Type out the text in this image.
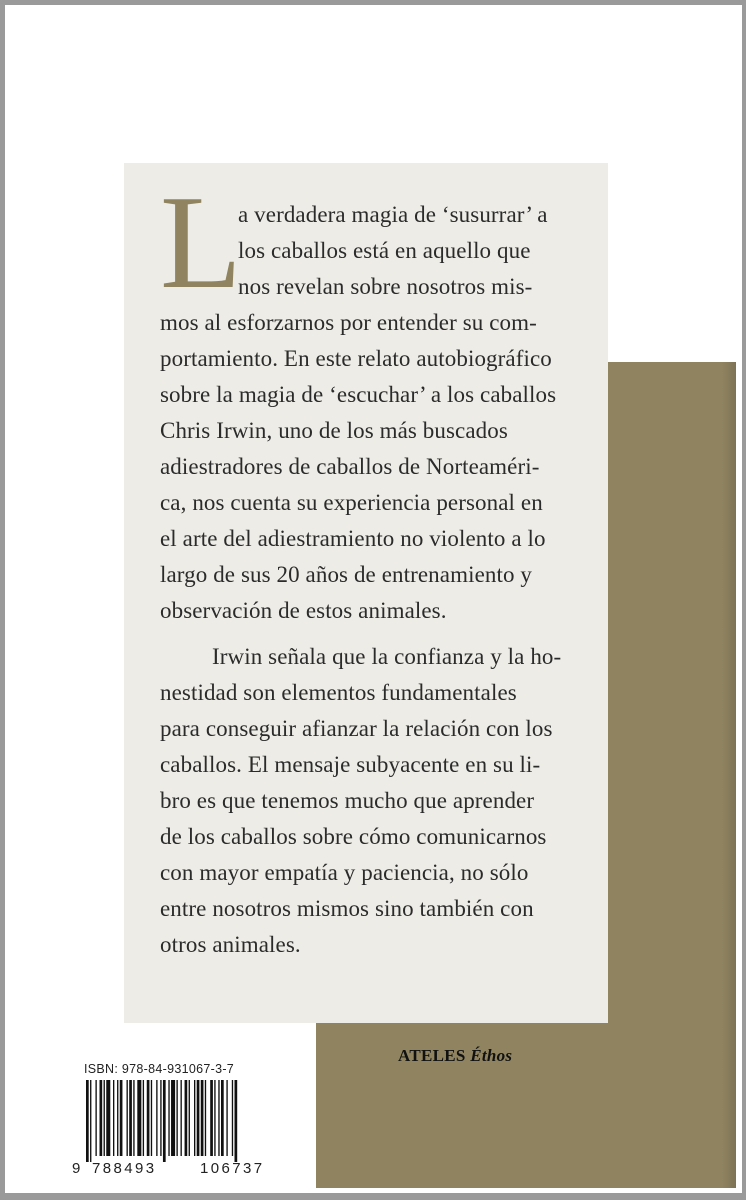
L
a verdadera magia de ‘susurrar’ a
los caballos está en aquello que
nos revelan sobre nosotros mis-
mos al esforzarnos por entender su com-
portamiento. En este relato autobiográfico
sobre la magia de ‘escuchar’ a los caballos
Chris Irwin, uno de los más buscados
adiestradores de caballos de Norteaméri-
ca, nos cuenta su experiencia personal en
el arte del adiestramiento no violento a lo
largo de sus 20 años de entrenamiento y
observación de estos animales.
Irwin señala que la confianza y la ho-
nestidad son elementos fundamentales
para conseguir afianzar la relación con los
caballos. El mensaje subyacente en su li-
bro es que tenemos mucho que aprender
de los caballos sobre cómo comunicarnos
con mayor empatía y paciencia, no sólo
entre nosotros mismos sino también con
otros animales.
ATELES Éthos
ISBN: 978-84-931067-3-7
9 788493	106737
